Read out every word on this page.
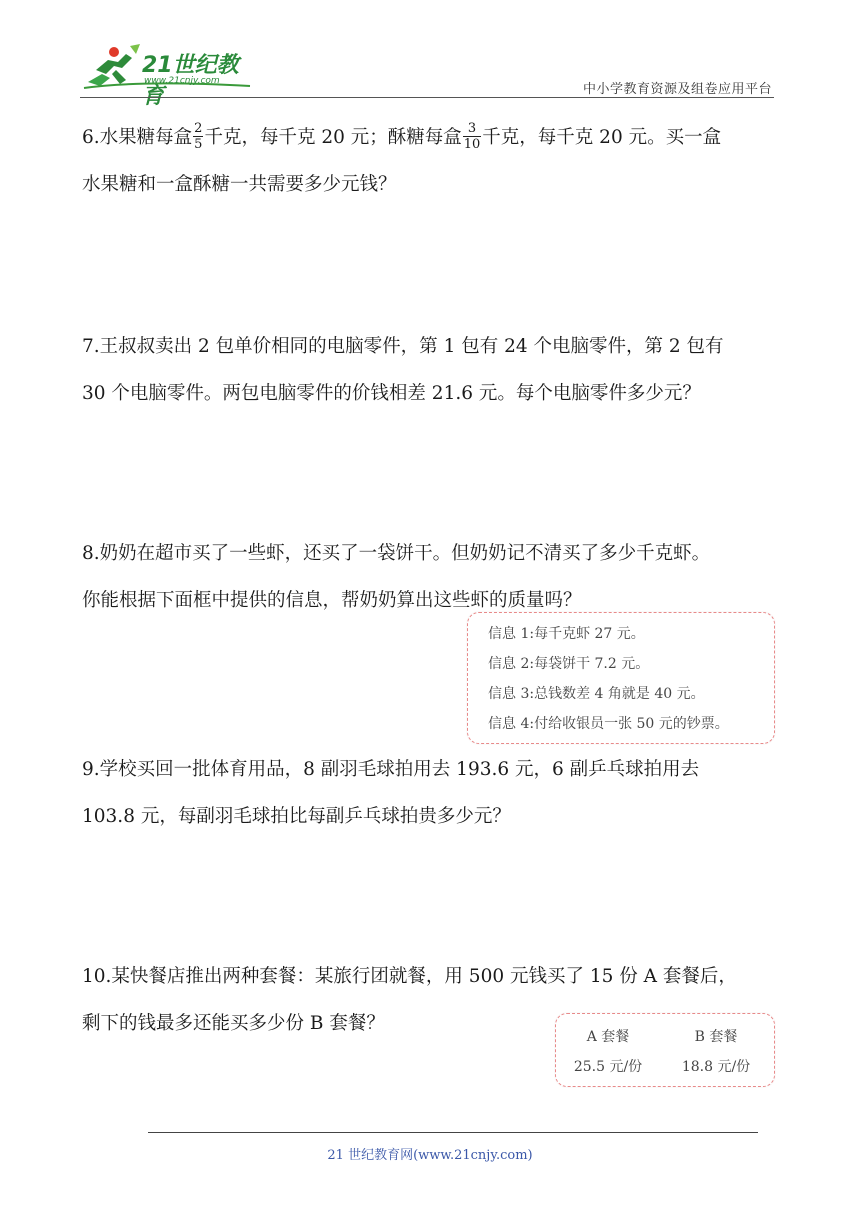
21世纪教育
www.21cnjy.com
中小学教育资源及组卷应用平台
6.水果糖每盒 $\frac{2}{5}$ 千克，每千克 20 元；酥糖每盒 $\frac{3}{10}$ 千克，每千克 20 元。买一盒
水果糖和一盒酥糖一共需要多少元钱？
7.王叔叔卖出 2 包单价相同的电脑零件，第 1 包有 24 个电脑零件，第 2 包有
30 个电脑零件。两包电脑零件的价钱相差 21.6 元。每个电脑零件多少元？
8.奶奶在超市买了一些虾，还买了一袋饼干。但奶奶记不清买了多少千克虾。
你能根据下面框中提供的信息，帮奶奶算出这些虾的质量吗？
信息 1:每千克虾 27 元。
信息 2:每袋饼干 7.2 元。
信息 3:总钱数差 4 角就是 40 元。
信息 4:付给收银员一张 50 元的钞票。
9.学校买回一批体育用品，8 副羽毛球拍用去 193.6 元，6 副乒乓球拍用去
103.8 元，每副羽毛球拍比每副乒乓球拍贵多少元？
10.某快餐店推出两种套餐：某旅行团就餐，用 500 元钱买了 15 份 A 套餐后，
剩下的钱最多还能买多少份 B 套餐？
A 套餐
25.5 元/份
B 套餐
18.8 元/份
21 世纪教育网(www.21cnjy.com)
